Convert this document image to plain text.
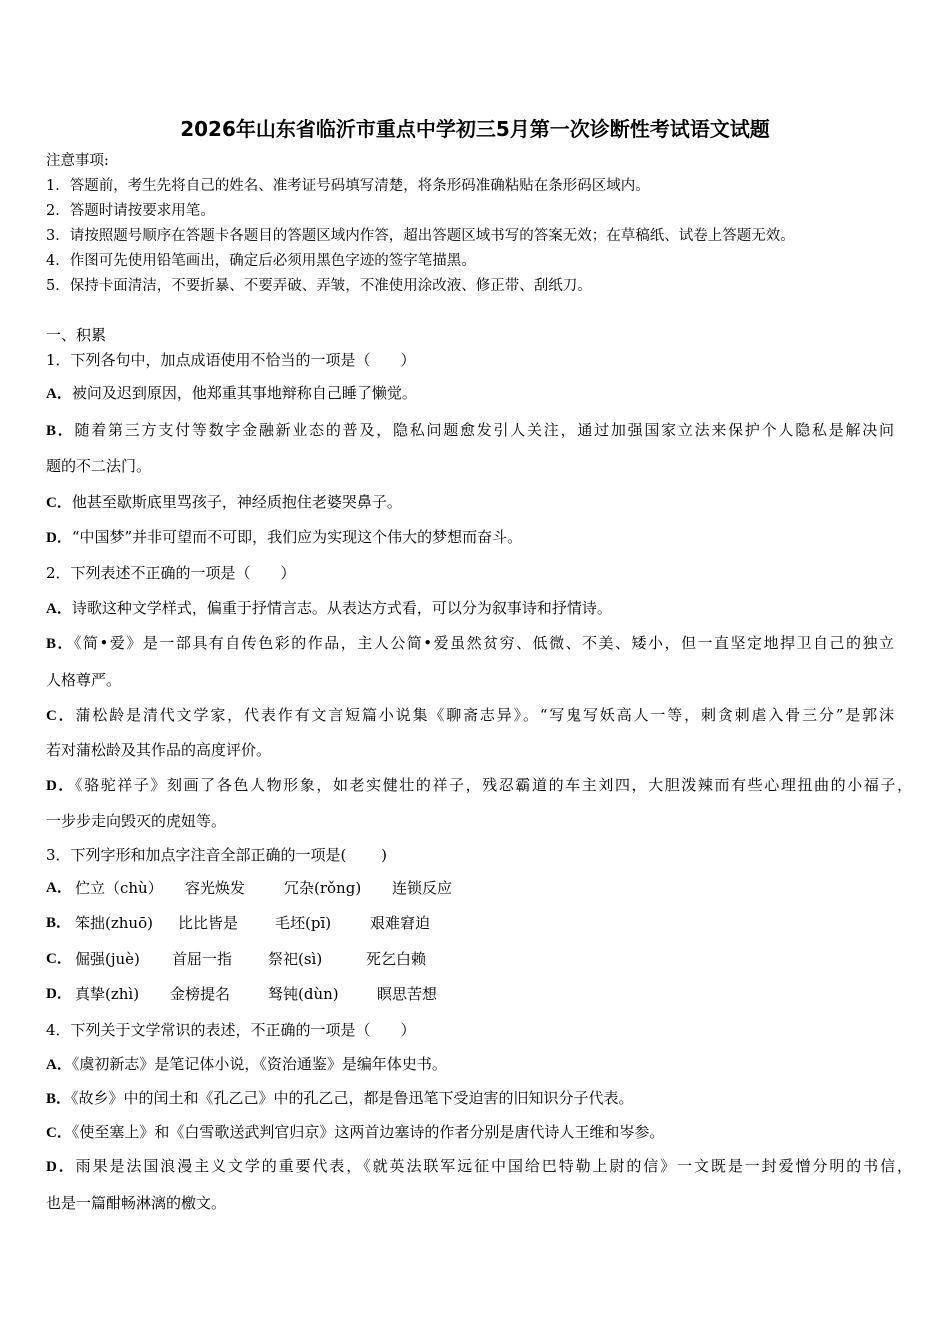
2026年山东省临沂市重点中学初三5月第一次诊断性考试语文试题
注意事项:
1．答题前，考生先将自己的姓名、准考证号码填写清楚，将条形码准确粘贴在条形码区域内。
2．答题时请按要求用笔。
3．请按照题号顺序在答题卡各题目的答题区域内作答，超出答题区域书写的答案无效；在草稿纸、试卷上答题无效。
4．作图可先使用铅笔画出，确定后必须用黑色字迹的签字笔描黑。
5．保持卡面清洁，不要折暴、不要弄破、弄皱，不准使用涂改液、修正带、刮纸刀。
一、积累
1．下列各句中，加点成语使用不恰当的一项是（　　）
A．被问及迟到原因，他郑重其事地辩称自己睡了懒觉。
B．随着第三方支付等数字金融新业态的普及，隐私问题愈发引人关注，通过加强国家立法来保护个人隐私是解决问
题的不二法门。
C．他甚至歇斯底里骂孩子，神经质抱住老婆哭鼻子。
D．“中国梦”并非可望而不可即，我们应为实现这个伟大的梦想而奋斗。
2．下列表述不正确的一项是（　　）
A．诗歌这种文学样式，偏重于抒情言志。从表达方式看，可以分为叙事诗和抒情诗。
B．《简•爱》是一部具有自传色彩的作品，主人公简•爱虽然贫穷、低微、不美、矮小，但一直坚定地捍卫自己的独立
人格尊严。
C．蒲松龄是清代文学家，代表作有文言短篇小说集《聊斋志异》。“写鬼写妖高人一等，刺贪刺虐入骨三分”是郭沫
若对蒲松龄及其作品的高度评价。
D．《骆驼祥子》刻画了各色人物形象，如老实健壮的祥子，残忍霸道的车主刘四，大胆泼辣而有些心理扭曲的小福子，
一步步走向毁灭的虎妞等。
3．下列字形和加点字注音全部正确的一项是(　　 )
A． 伫立（chù） 容光焕发	冗杂(rǒng) 连锁反应
B． 笨拙(zhuō) 比比皆是 毛坯(pī)	艰难窘迫
C． 倔强(juè) 首屈一指 祭祀(sì)	死乞白赖
D． 真挚(zhì) 金榜提名	驽钝(dùn)	瞑思苦想
4．下列关于文学常识的表述，不正确的一项是（　　）
A．《虞初新志》是笔记体小说，《资治通鉴》是编年体史书。
B．《故乡》中的闰土和《孔乙己》中的孔乙己，都是鲁迅笔下受迫害的旧知识分子代表。
C．《使至塞上》和《白雪歌送武判官归京》这两首边塞诗的作者分别是唐代诗人王维和岑参。
D．雨果是法国浪漫主义文学的重要代表，《就英法联军远征中国给巴特勒上尉的信》一文既是一封爱憎分明的书信，
也是一篇酣畅淋漓的檄文。
